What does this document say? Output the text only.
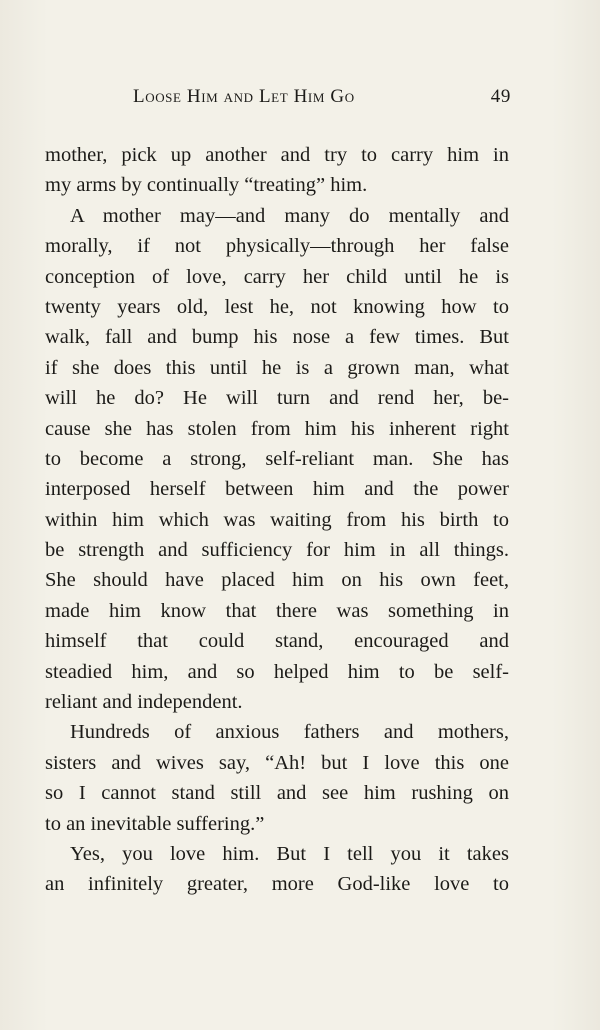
Loose Him and Let Him Go	49
mother, pick up another and try to carry him in
my arms by continually “treating” him.
A mother may—and many do mentally and
morally, if not physically—through her false
conception of love, carry her child until he is
twenty years old, lest he, not knowing how to
walk, fall and bump his nose a few times. But
if she does this until he is a grown man, what
will he do? He will turn and rend her, be-
cause she has stolen from him his inherent right
to become a strong, self-reliant man. She has
interposed herself between him and the power
within him which was waiting from his birth to
be strength and sufficiency for him in all things.
She should have placed him on his own feet,
made him know that there was something in
himself that could stand, encouraged and
steadied him, and so helped him to be self-
reliant and independent.
Hundreds of anxious fathers and mothers,
sisters and wives say, “Ah! but I love this one
so I cannot stand still and see him rushing on
to an inevitable suffering.”
Yes, you love him. But I tell you it takes
an infinitely greater, more God-like love to
